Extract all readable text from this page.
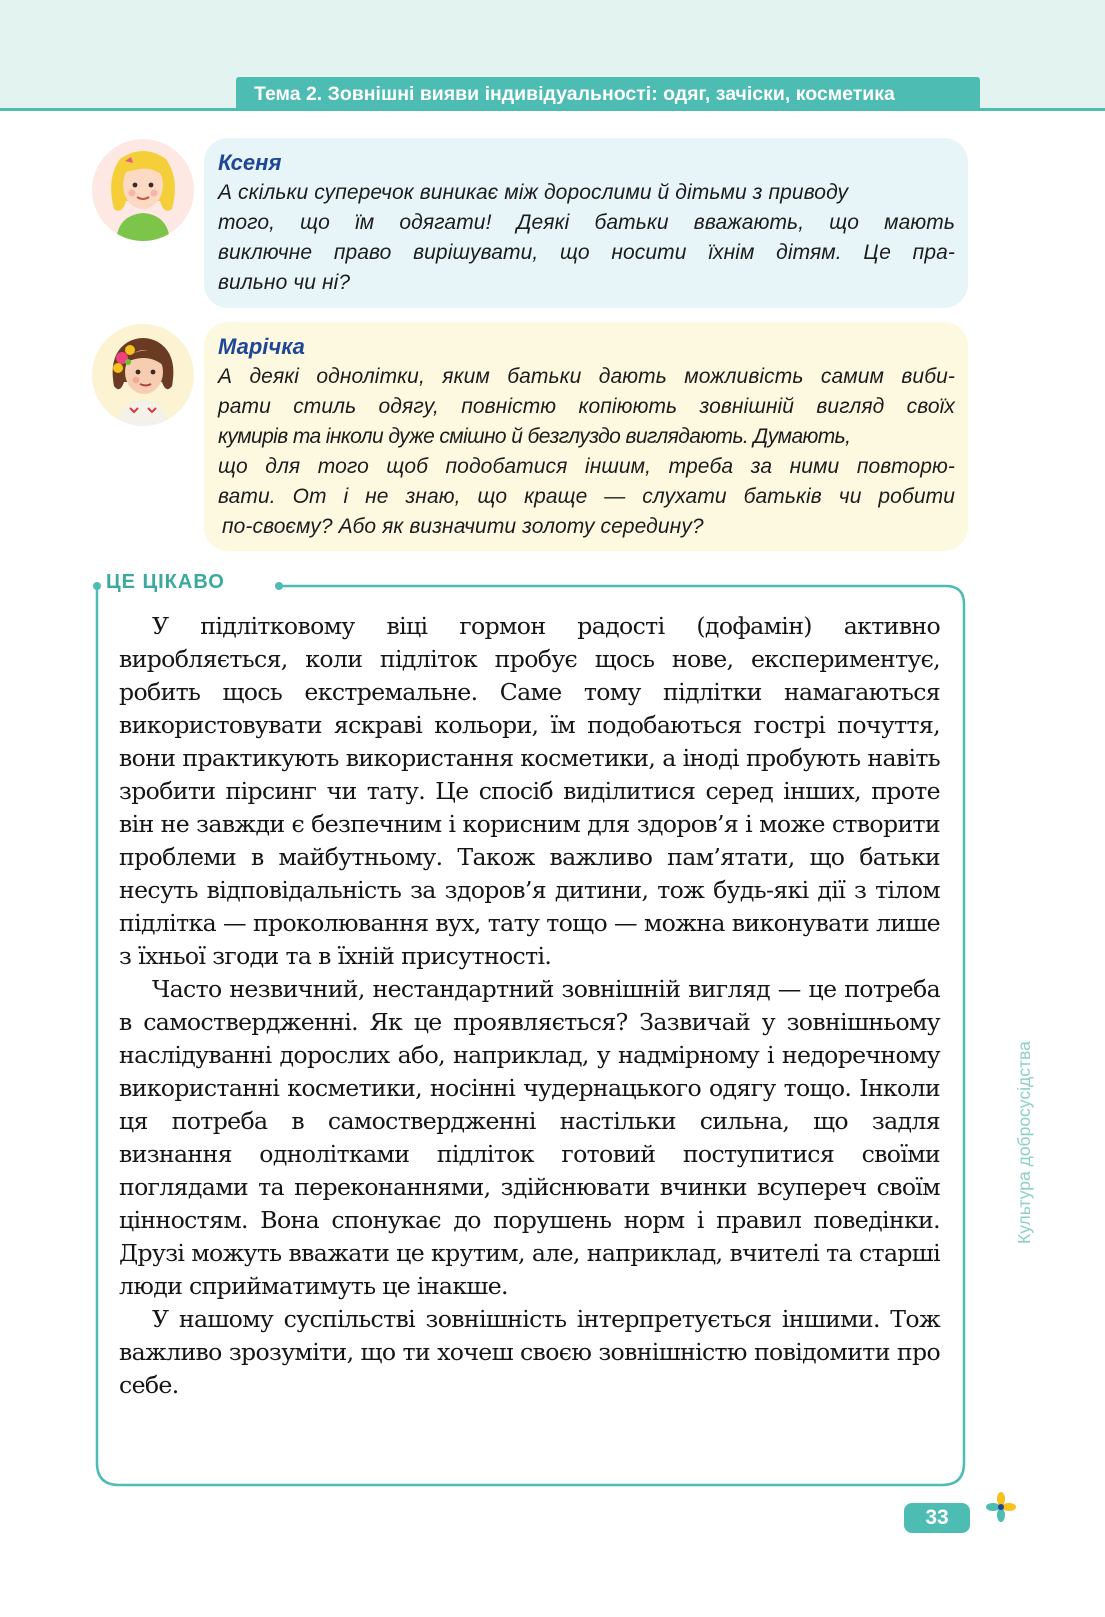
Тема 2. Зовнішні вияви індивідуальності: одяг, зачіски, косметика
Ксеня
А скільки суперечок виникає між дорослими й дітьми з приводу
того, що їм одягати! Деякі батьки вважають, що мають
виключне право вирішувати, що носити їхнім дітям. Це пра-
вильно чи ні?
Марічка
А деякі однолітки, яким батьки дають можливість самим виби-
рати стиль одягу, повністю копіюють зовнішній вигляд своїх
кумирів та інколи дуже смішно й безглуздо виглядають. Думають,
що для того щоб подобатися іншим, треба за ними повторю-
вати. От і не знаю, що краще — слухати батьків чи робити
по-своєму? Або як визначити золоту середину?
ЦЕ ЦІКАВО

У підлітковому віці гормон радості (дофамін) активно виробляється, коли підліток пробує щось нове, експериментує, робить щось екстремальне. Саме тому підлітки намагаються використовувати яскраві кольори, їм подобаються гострі почуття, вони практикують використання косметики, а іноді пробують навіть зробити пірсинг чи тату. Це спосіб виділитися серед інших, проте він не завжди є безпечним і корисним для здоров’я і може створити проблеми в майбутньому. Також важливо пам’ятати, що батьки несуть відповідальність за здоров’я дитини, тож будь-які дії з тілом підлітка — проколювання вух, тату тощо — можна виконувати лише з їхньої згоди та в їхній присутності.

Часто незвичний, нестандартний зовнішній вигляд — це потреба в самоствердженні. Як це проявляється? Зазвичай у зовнішньому наслідуванні дорослих або, наприклад, у надмірному і недоречному використанні косметики, носінні чудернацького одягу тощо. Інколи ця потреба в самоствердженні настільки сильна, що задля визнання однолітками підліток готовий поступитися своїми поглядами та переконаннями, здійснювати вчинки всупереч своїм цінностям. Вона спонукає до порушень норм і правил поведінки. Друзі можуть вважати це крутим, але, наприклад, вчителі та старші люди сприйматимуть це інакше.

У нашому суспільстві зовнішність інтерпретується іншими. Тож важливо зрозуміти, що ти хочеш своєю зовнішністю повідомити про себе.

Культура добросусідства
33
